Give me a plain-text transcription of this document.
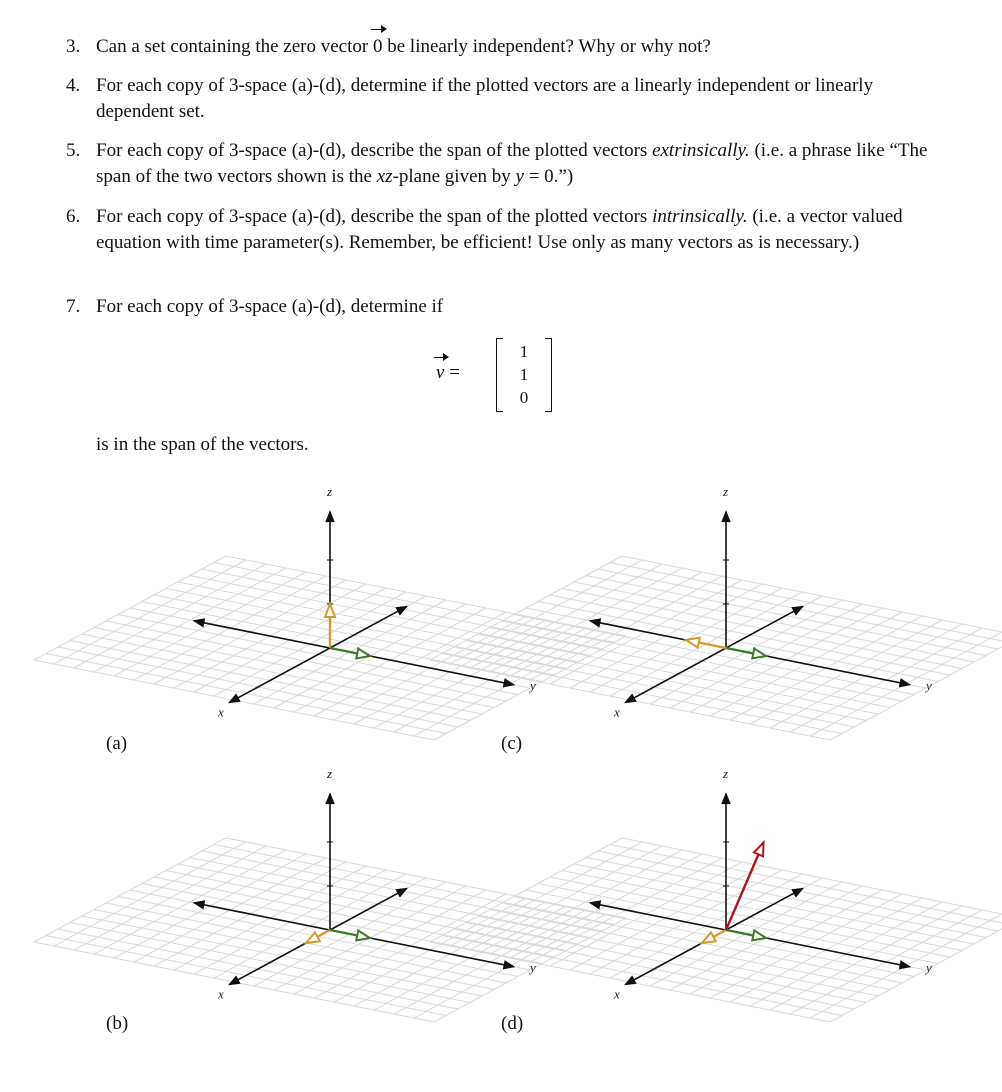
3. Can a set containing the zero vector 0 be linearly independent? Why or why not?
4. For each copy of 3-space (a)-(d), determine if the plotted vectors are a linearly independent or linearly dependent set.
5. For each copy of 3-space (a)-(d), describe the span of the plotted vectors extrinsically. (i.e. a phrase like “The span of the two vectors shown is the xz-plane given by y = 0.”)
6. For each copy of 3-space (a)-(d), describe the span of the plotted vectors intrinsically. (i.e. a vector valued equation with time parameter(s). Remember, be efficient! Use only as many vectors as is necessary.)
7. For each copy of 3-space (a)-(d), determine if
v =
1
1
0
is in the span of the vectors.
x
y
z
(a)
x
y
z
(c)
x
y
z
(b)
x
y
z
(d)
